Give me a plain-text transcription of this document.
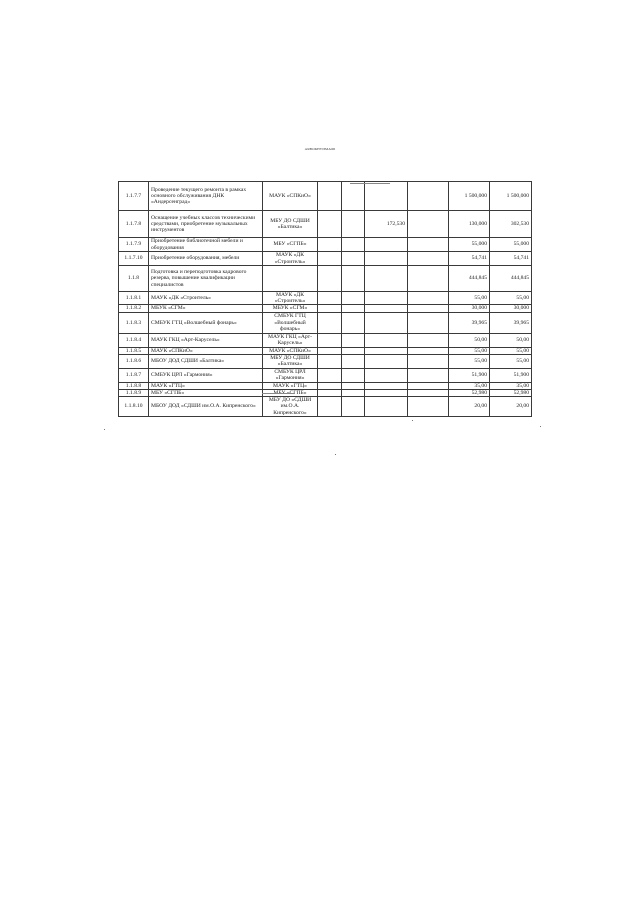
АЯВОКНУИМАОБ
1.1.7.7	Проведение текущего ремонта в рамках основного обслуживания ДНК «Андерсенград»	МАУК «СПКиО»					1 500,000	1 500,000
1.1.7.8	Оснащение учебных классов техническими средствами, приобретение музыкальных инструментов	МБУ ДО СДШИ «Балтика»			172,530		130,000	302,530
1.1.7.9	Приобретение библиотечной мебели и оборудования	МБУ «СГПБ»					55,000	55,000
1.1.7.10	Приобретение оборудования, мебели	МАУК «ДК «Строитель»					54,741	54,741
1.1.8	Подготовка и переподготовка кадрового резерва, повышение квалификации специалистов						444,845	444,845
1.1.8.1	МАУК «ДК «Строитель»	МАУК «ДК «Строитель»					55,00	55,00
1.1.8.2	МБУК «СГМ»	МБУК «СГМ»					30,000	30,000
1.1.8.3	СМБУК ГТЦ «Волшебный фонарь»	СМБУК ГТЦ «Волшебный фонарь»					39,965	39,965
1.1.8.4	МАУК ГКЦ «Арт-Карусель»	МАУК ГКЦ «Арт-Карусель»					50,00	50,00
1.1.8.5	МАУК «СПКиО»	МАУК «СПКиО»					55,00	55,00
1.1.8.6	МБОУ ДОД СДШИ «Балтика»	МБУ ДО СДШИ «Балтика»					55,00	55,00
1.1.8.7	СМБУК ЦРЛ «Гармония»	СМБУК ЦРЛ «Гармония»					51,900	51,900
1.1.8.8	МАУК «ГТЦ»	МАУК «ГТЦ»					35,00	35,00
1.1.8.9	МБУ «СГПБ»	МБУ «СГПБ»					52,980	52,980
1.1.8.10	МБОУ ДОД «СДШИ им.О.А. Кипренского»	МБУ ДО «СДШИ им.О.А. Кипренского»					20,00	20,00
